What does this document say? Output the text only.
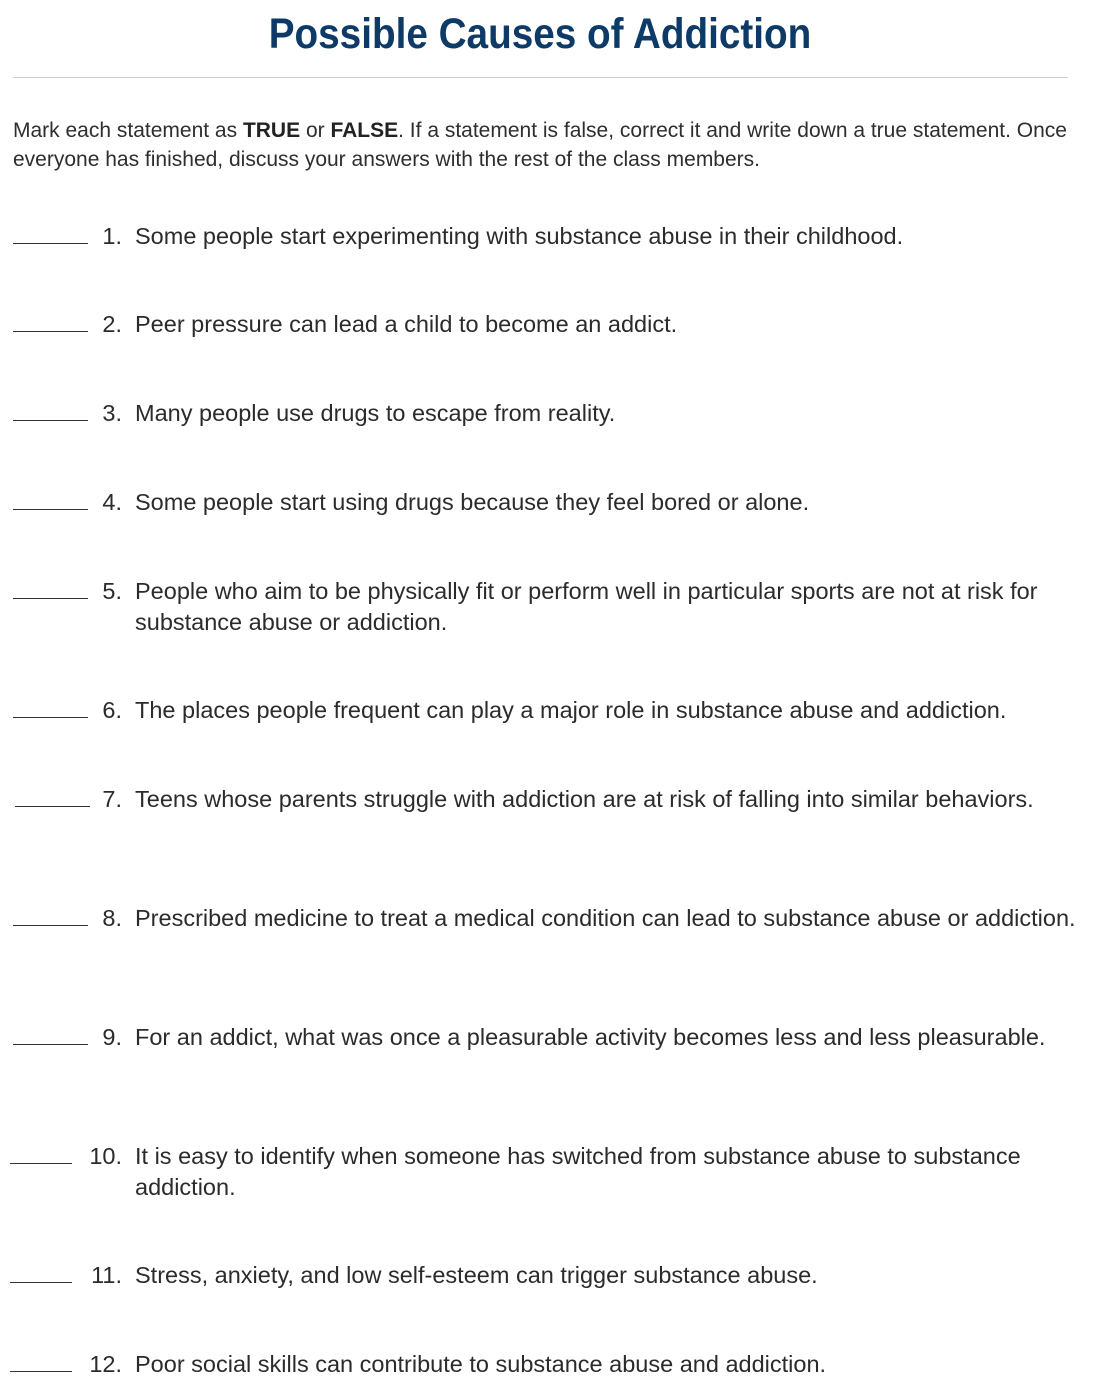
Possible Causes of Addiction

Mark each statement as TRUE or FALSE. If a statement is false, correct it and write down a true statement. Once everyone has finished, discuss your answers with the rest of the class members.

1. Some people start experimenting with substance abuse in their childhood.
2. Peer pressure can lead a child to become an addict.
3. Many people use drugs to escape from reality.
4. Some people start using drugs because they feel bored or alone.
5. People who aim to be physically fit or perform well in particular sports are not at risk for substance abuse or addiction.
6. The places people frequent can play a major role in substance abuse and addiction.
7. Teens whose parents struggle with addiction are at risk of falling into similar behaviors.
8. Prescribed medicine to treat a medical condition can lead to substance abuse or addiction.
9. For an addict, what was once a pleasurable activity becomes less and less pleasurable.
10. It is easy to identify when someone has switched from substance abuse to substance addiction.
11. Stress, anxiety, and low self-esteem can trigger substance abuse.
12. Poor social skills can contribute to substance abuse and addiction.
